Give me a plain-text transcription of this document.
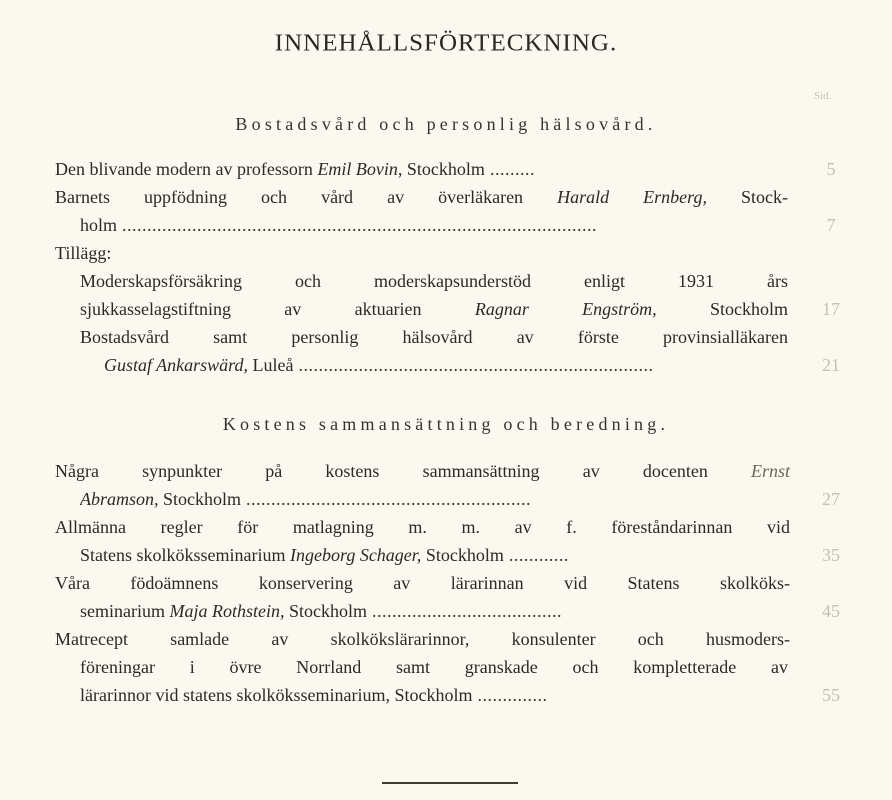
INNEHÅLLSFÖRTECKNING.
Sid.
Bostadsvård och personlig hälsovård.
Den blivande modern av professorn Emil Bovin, Stockholm .........	5
Barnets uppfödning och vård av överläkaren Harald Ernberg, Stock-
holm ...............................................................................................	7
Tillägg:
Moderskapsförsäkring och moderskapsunderstöd enligt 1931 års
sjukkasselagstiftning av aktuarien Ragnar Engström, Stockholm	17
Bostadsvård samt personlig hälsovård av förste provinsialläkaren
Gustaf Ankarswärd, Luleå .......................................................................	21
Kostens sammansättning och beredning.
Några synpunkter på kostens sammansättning av docenten Ernst
Abramson, Stockholm .........................................................	27
Allmänna regler för matlagning m. m. av f. föreståndarinnan vid
Statens skolköksseminarium Ingeborg Schager, Stockholm ............	35
Våra födoämnens konservering av lärarinnan vid Statens skolköks-
seminarium Maja Rothstein, Stockholm ......................................	45
Matrecept samlade av skolkökslärarinnor, konsulenter och husmoders-
föreningar i övre Norrland samt granskade och kompletterade av
lärarinnor vid statens skolköksseminarium, Stockholm ..............	55
